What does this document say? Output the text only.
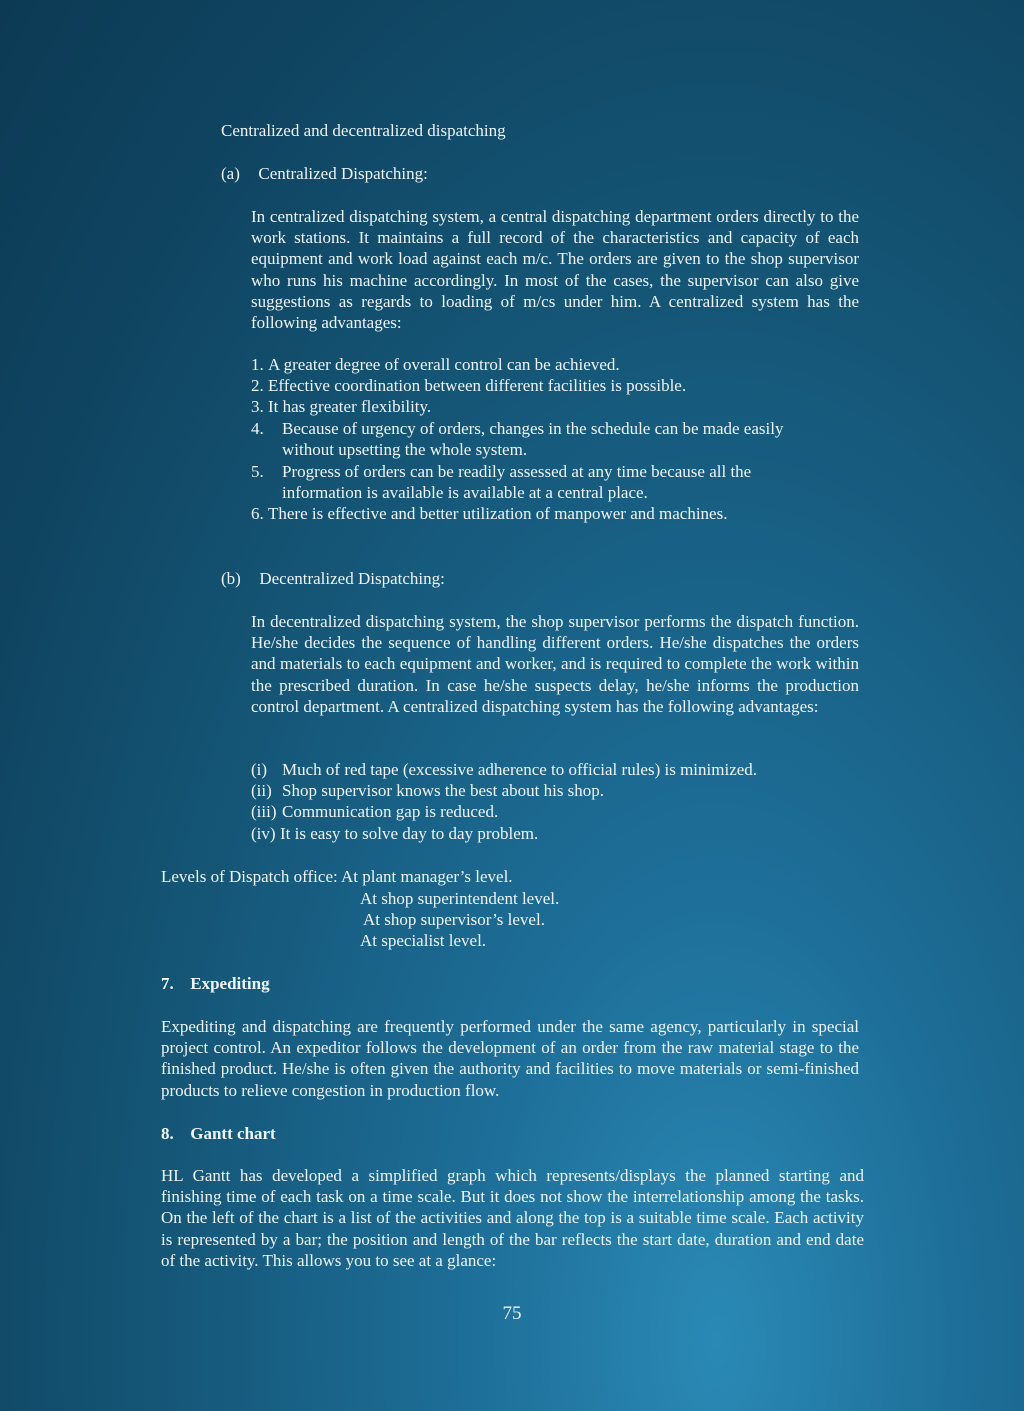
Centralized and decentralized dispatching
(a) Centralized Dispatching:

In centralized dispatching system, a central dispatching department orders directly to the work stations. It maintains a full record of the characteristics and capacity of each equipment and work load against each m/c. The orders are given to the shop supervisor who runs his machine accordingly. In most of the cases, the supervisor can also give suggestions as regards to loading of m/cs under him. A centralized system has the following advantages:

1. A greater degree of overall control can be achieved.
2. Effective coordination between different facilities is possible.
3. It has greater flexibility.
4. Because of urgency of orders, changes in the schedule can be made easily
without upsetting the whole system.
5. Progress of orders can be readily assessed at any time because all the
information is available is available at a central place.
6. There is effective and better utilization of manpower and machines.
(b) Decentralized Dispatching:

In decentralized dispatching system, the shop supervisor performs the dispatch function. He/she decides the sequence of handling different orders. He/she dispatches the orders and materials to each equipment and worker, and is required to complete the work within the prescribed duration. In case he/she suspects delay, he/she informs the production control department. A centralized dispatching system has the following advantages:

(i) Much of red tape (excessive adherence to official rules) is minimized.
(ii) Shop supervisor knows the best about his shop.
(iii) Communication gap is reduced.
(iv) It is easy to solve day to day problem.
Levels of Dispatch office: At plant manager’s level.
At shop superintendent level.
At shop supervisor’s level.
At specialist level.
7. Expediting

Expediting and dispatching are frequently performed under the same agency, particularly in special project control. An expeditor follows the development of an order from the raw material stage to the finished product. He/she is often given the authority and facilities to move materials or semi-finished products to relieve congestion in production flow.

8. Gantt chart

HL Gantt has developed a simplified graph which represents/displays the planned starting and finishing time of each task on a time scale. But it does not show the interrelationship among the tasks. On the left of the chart is a list of the activities and along the top is a suitable time scale. Each activity is represented by a bar; the position and length of the bar reflects the start date, duration and end date of the activity. This allows you to see at a glance:

75
